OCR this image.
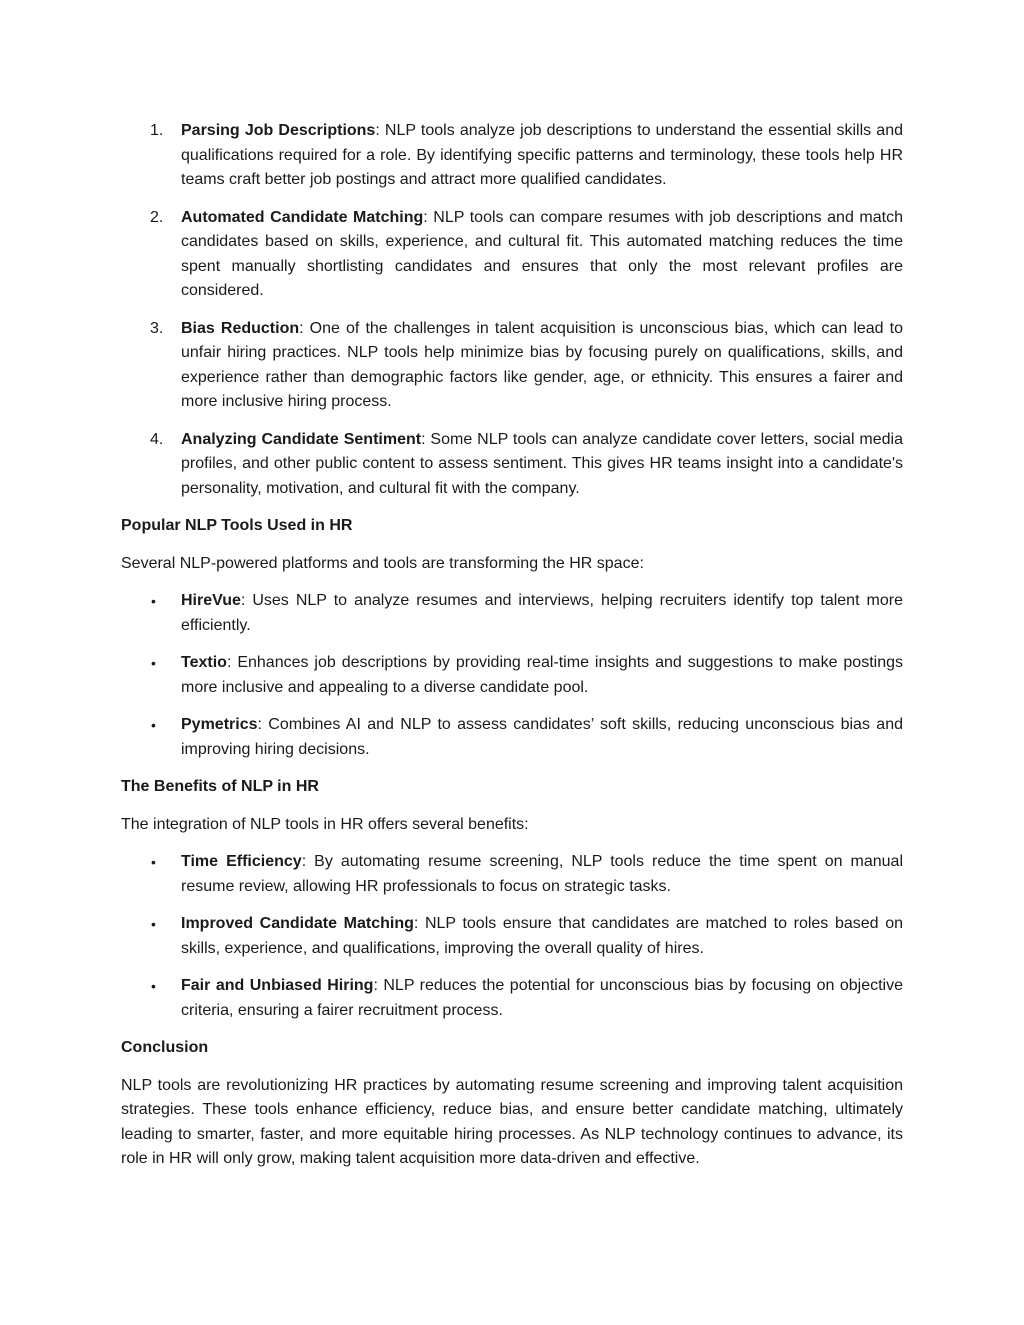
1. Parsing Job Descriptions: NLP tools analyze job descriptions to understand the essential skills and qualifications required for a role. By identifying specific patterns and terminology, these tools help HR teams craft better job postings and attract more qualified candidates.
2. Automated Candidate Matching: NLP tools can compare resumes with job descriptions and match candidates based on skills, experience, and cultural fit. This automated matching reduces the time spent manually shortlisting candidates and ensures that only the most relevant profiles are considered.
3. Bias Reduction: One of the challenges in talent acquisition is unconscious bias, which can lead to unfair hiring practices. NLP tools help minimize bias by focusing purely on qualifications, skills, and experience rather than demographic factors like gender, age, or ethnicity. This ensures a fairer and more inclusive hiring process.
4. Analyzing Candidate Sentiment: Some NLP tools can analyze candidate cover letters, social media profiles, and other public content to assess sentiment. This gives HR teams insight into a candidate's personality, motivation, and cultural fit with the company.

Popular NLP Tools Used in HR

Several NLP-powered platforms and tools are transforming the HR space:

• HireVue: Uses NLP to analyze resumes and interviews, helping recruiters identify top talent more efficiently.
• Textio: Enhances job descriptions by providing real-time insights and suggestions to make postings more inclusive and appealing to a diverse candidate pool.
• Pymetrics: Combines AI and NLP to assess candidates’ soft skills, reducing unconscious bias and improving hiring decisions.

The Benefits of NLP in HR

The integration of NLP tools in HR offers several benefits:

• Time Efficiency: By automating resume screening, NLP tools reduce the time spent on manual resume review, allowing HR professionals to focus on strategic tasks.
• Improved Candidate Matching: NLP tools ensure that candidates are matched to roles based on skills, experience, and qualifications, improving the overall quality of hires.
• Fair and Unbiased Hiring: NLP reduces the potential for unconscious bias by focusing on objective criteria, ensuring a fairer recruitment process.

Conclusion

NLP tools are revolutionizing HR practices by automating resume screening and improving talent acquisition strategies. These tools enhance efficiency, reduce bias, and ensure better candidate matching, ultimately leading to smarter, faster, and more equitable hiring processes. As NLP technology continues to advance, its role in HR will only grow, making talent acquisition more data-driven and effective.
